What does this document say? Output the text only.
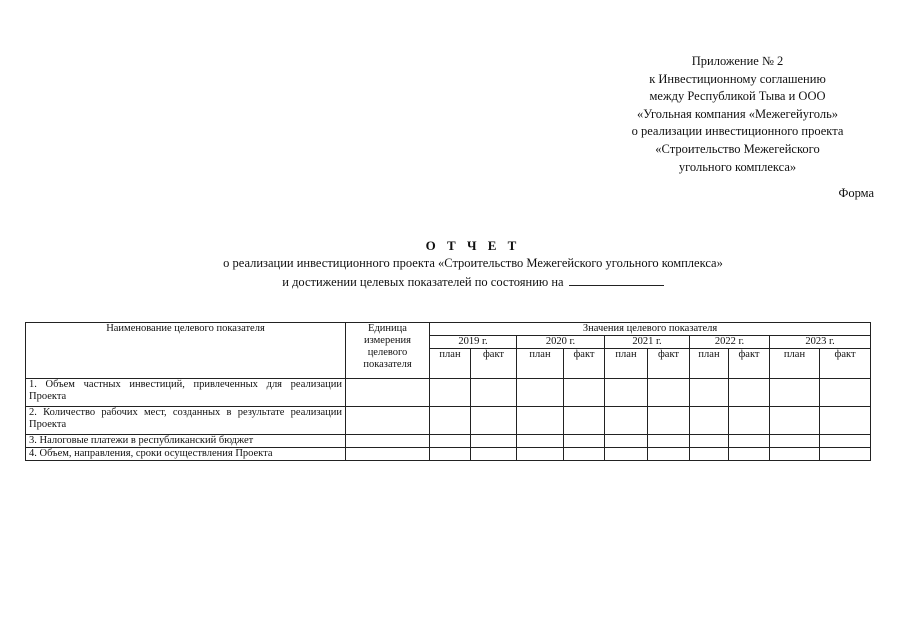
Приложение № 2
к Инвестиционному соглашению
между Республикой Тыва и ООО
«Угольная компания «Межегейуголь»
о реализации инвестиционного проекта
«Строительство Межегейского
угольного комплекса»
Форма
О Т Ч Е Т
о реализации инвестиционного проекта «Строительство Межегейского угольного комплекса»
и достижении целевых показателей по состоянию на
Наименование целевого показателя	Единица измерения целевого показателя	Значения целевого показателя									
		2019 г.		2020 г.		2021 г.		2022 г.		2023 г.	
		план	факт	план	факт	план	факт	план	факт	план	факт
1. Объем частных инвестиций, привлеченных для реализации Проекта											
2. Количество рабочих мест, созданных в результате реализации Проекта											
3. Налоговые платежи в республиканский бюджет											
4. Объем, направления, сроки осуществления Проекта											
